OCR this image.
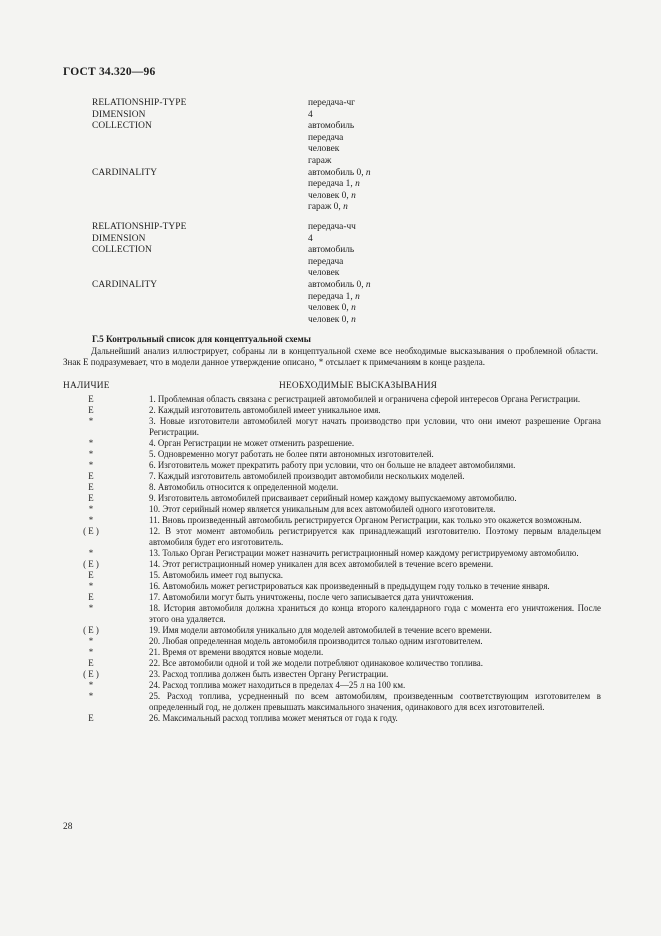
ГОСТ 34.320—96
RELATIONSHIP-TYPE	передача-чг
DIMENSION	4
COLLECTION	автомобиль
передача
человек
гараж
CARDINALITY	автомобиль 0, n
передача 1, n
человек 0, n
гараж 0, n
RELATIONSHIP-TYPE	передача-чч
DIMENSION	4
COLLECTION	автомобиль
передача
человек
CARDINALITY	автомобиль 0, n
передача 1, n
человек 0, n
человек 0, n
Г.5 Контрольный список для концептуальной схемы
Дальнейший анализ иллюстрирует, собраны ли в концептуальной схеме все необходимые высказывания о проблемной области. Знак E подразумевает, что в модели данное утверждение описано, * отсылает к примечаниям в конце раздела.
НАЛИЧИЕ	НЕОБХОДИМЫЕ ВЫСКАЗЫВАНИЯ
E	1. Проблемная область связана с регистрацией автомобилей и ограничена сферой интересов Органа Регистрации.
E	2. Каждый изготовитель автомобилей имеет уникальное имя.
*	3. Новые изготовители автомобилей могут начать производство при условии, что они имеют разрешение Органа Регистрации.
*	4. Орган Регистрации не может отменить разрешение.
*	5. Одновременно могут работать не более пяти автономных изготовителей.
*	6. Изготовитель может прекратить работу при условии, что он больше не владеет автомобилями.
E	7. Каждый изготовитель автомобилей производит автомобили нескольких моделей.
E	8. Автомобиль относится к определенной модели.
E	9. Изготовитель автомобилей присваивает серийный номер каждому выпускаемому автомобилю.
*	10. Этот серийный номер является уникальным для всех автомобилей одного изготовителя.
*	11. Вновь произведенный автомобиль регистрируется Органом Регистрации, как только это окажется возможным.
( E )	12. В этот момент автомобиль регистрируется как принадлежащий изготовителю. Поэтому первым владельцем автомобиля будет его изготовитель.
*	13. Только Орган Регистрации может назначить регистрационный номер каждому регистрируемому автомобилю.
( E )	14. Этот регистрационный номер уникален для всех автомобилей в течение всего времени.
E	15. Автомобиль имеет год выпуска.
*	16. Автомобиль может регистрироваться как произведенный в предыдущем году только в течение января.
E	17. Автомобили могут быть уничтожены, после чего записывается дата уничтожения.
*	18. История автомобиля должна храниться до конца второго календарного года с момента его уничтожения. После этого она удаляется.
( E )	19. Имя модели автомобиля уникально для моделей автомобилей в течение всего времени.
*	20. Любая определенная модель автомобиля производится только одним изготовителем.
*	21. Время от времени вводятся новые модели.
E	22. Все автомобили одной и той же модели потребляют одинаковое количество топлива.
( E )	23. Расход топлива должен быть известен Органу Регистрации.
*	24. Расход топлива может находиться в пределах 4—25 л на 100 км.
*	25. Расход топлива, усредненный по всем автомобилям, произведенным соответствующим изготовителем в определенный год, не должен превышать максимального значения, одинакового для всех изготовителей.
E	26. Максимальный расход топлива может меняться от года к году.
28
